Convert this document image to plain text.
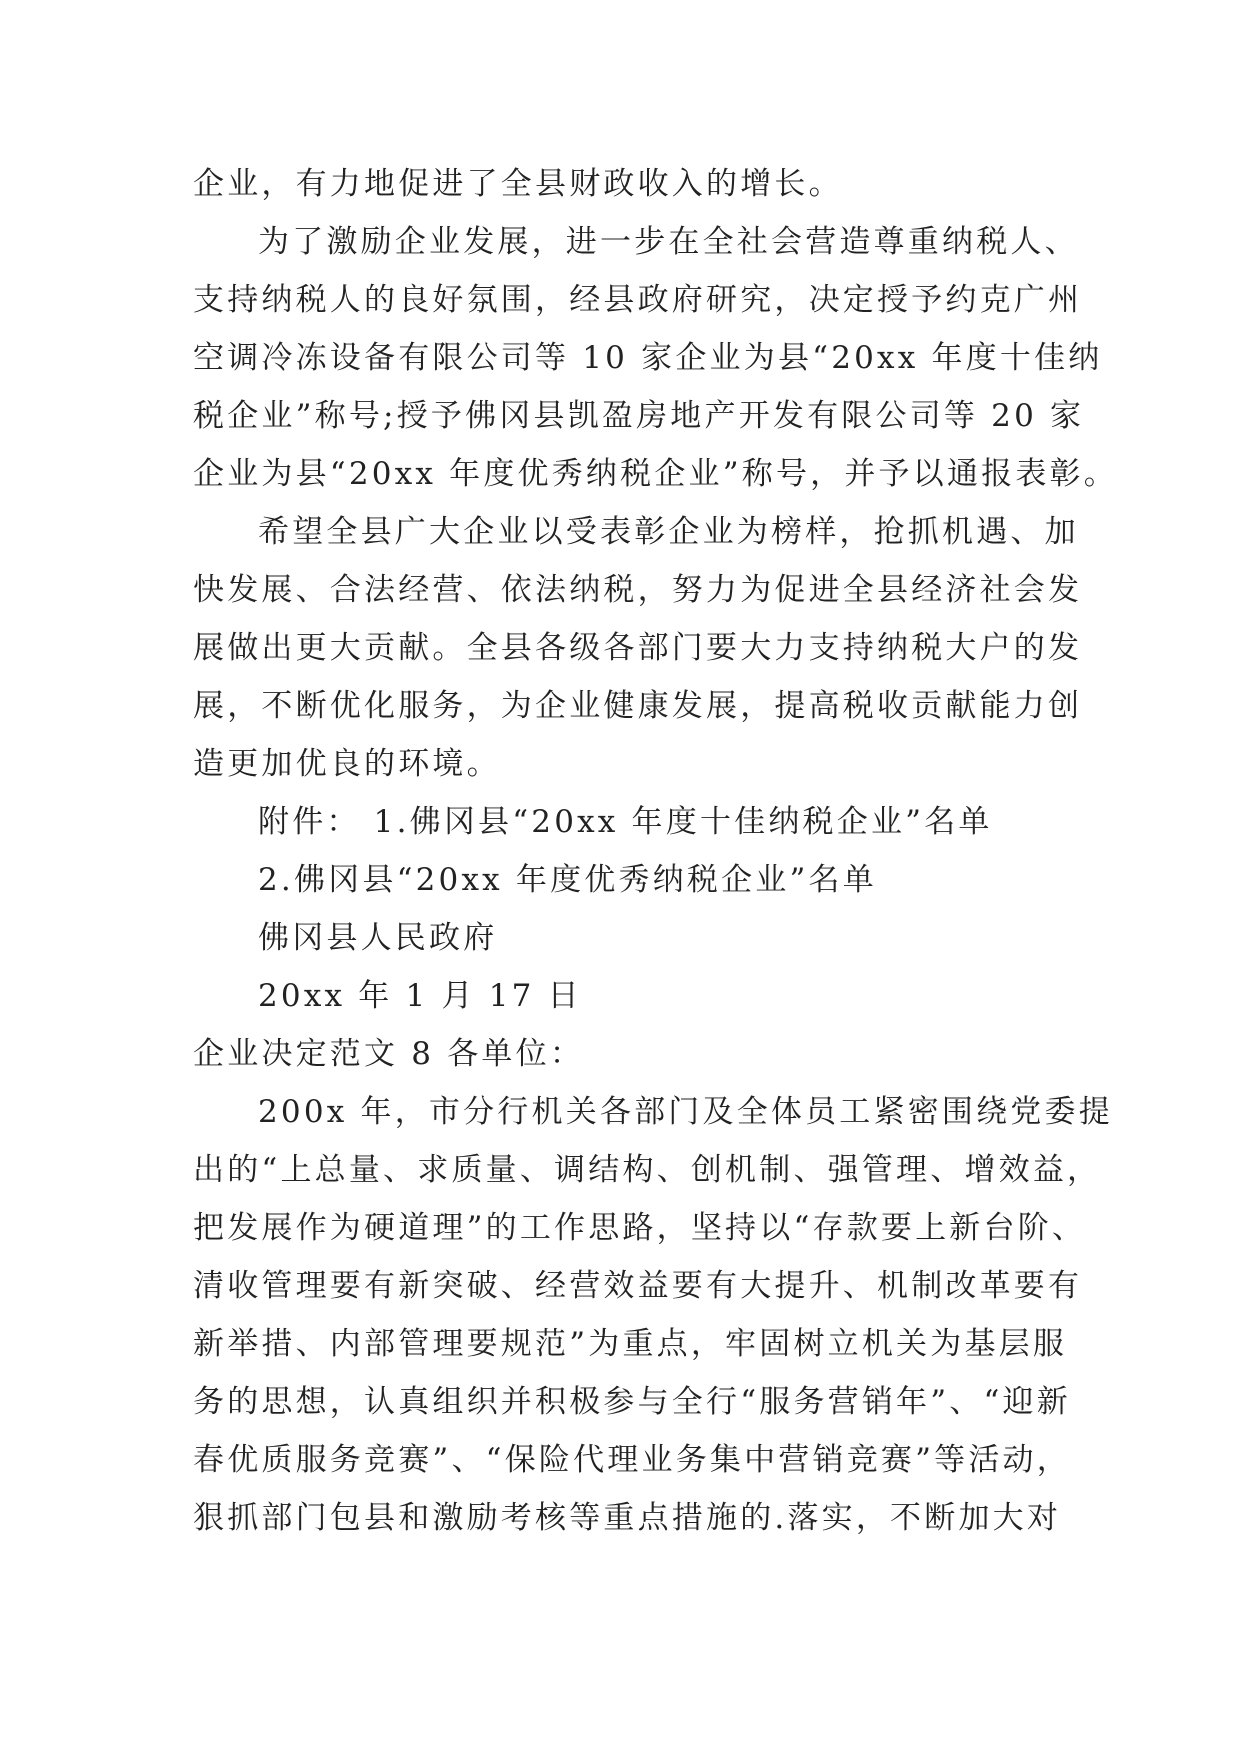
企业，有力地促进了全县财政收入的增长。
为了激励企业发展，进一步在全社会营造尊重纳税人、
支持纳税人的良好氛围，经县政府研究，决定授予约克广州
空调冷冻设备有限公司等 10 家企业为县“20xx 年度十佳纳
税企业”称号;授予佛冈县凯盈房地产开发有限公司等 20 家
企业为县“20xx 年度优秀纳税企业”称号，并予以通报表彰。
希望全县广大企业以受表彰企业为榜样，抢抓机遇、加
快发展、合法经营、依法纳税，努力为促进全县经济社会发
展做出更大贡献。全县各级各部门要大力支持纳税大户的发
展，不断优化服务，为企业健康发展，提高税收贡献能力创
造更加优良的环境。
附件： 1.佛冈县“20xx 年度十佳纳税企业”名单
2.佛冈县“20xx 年度优秀纳税企业”名单
佛冈县人民政府
20xx 年 1 月 17 日
企业决定范文 8 各单位：
200x 年，市分行机关各部门及全体员工紧密围绕党委提
出的“上总量、求质量、调结构、创机制、强管理、增效益，
把发展作为硬道理”的工作思路，坚持以“存款要上新台阶、
清收管理要有新突破、经营效益要有大提升、机制改革要有
新举措、内部管理要规范”为重点，牢固树立机关为基层服
务的思想，认真组织并积极参与全行“服务营销年”、“迎新
春优质服务竞赛”、“保险代理业务集中营销竞赛”等活动，
狠抓部门包县和激励考核等重点措施的.落实，不断加大对
